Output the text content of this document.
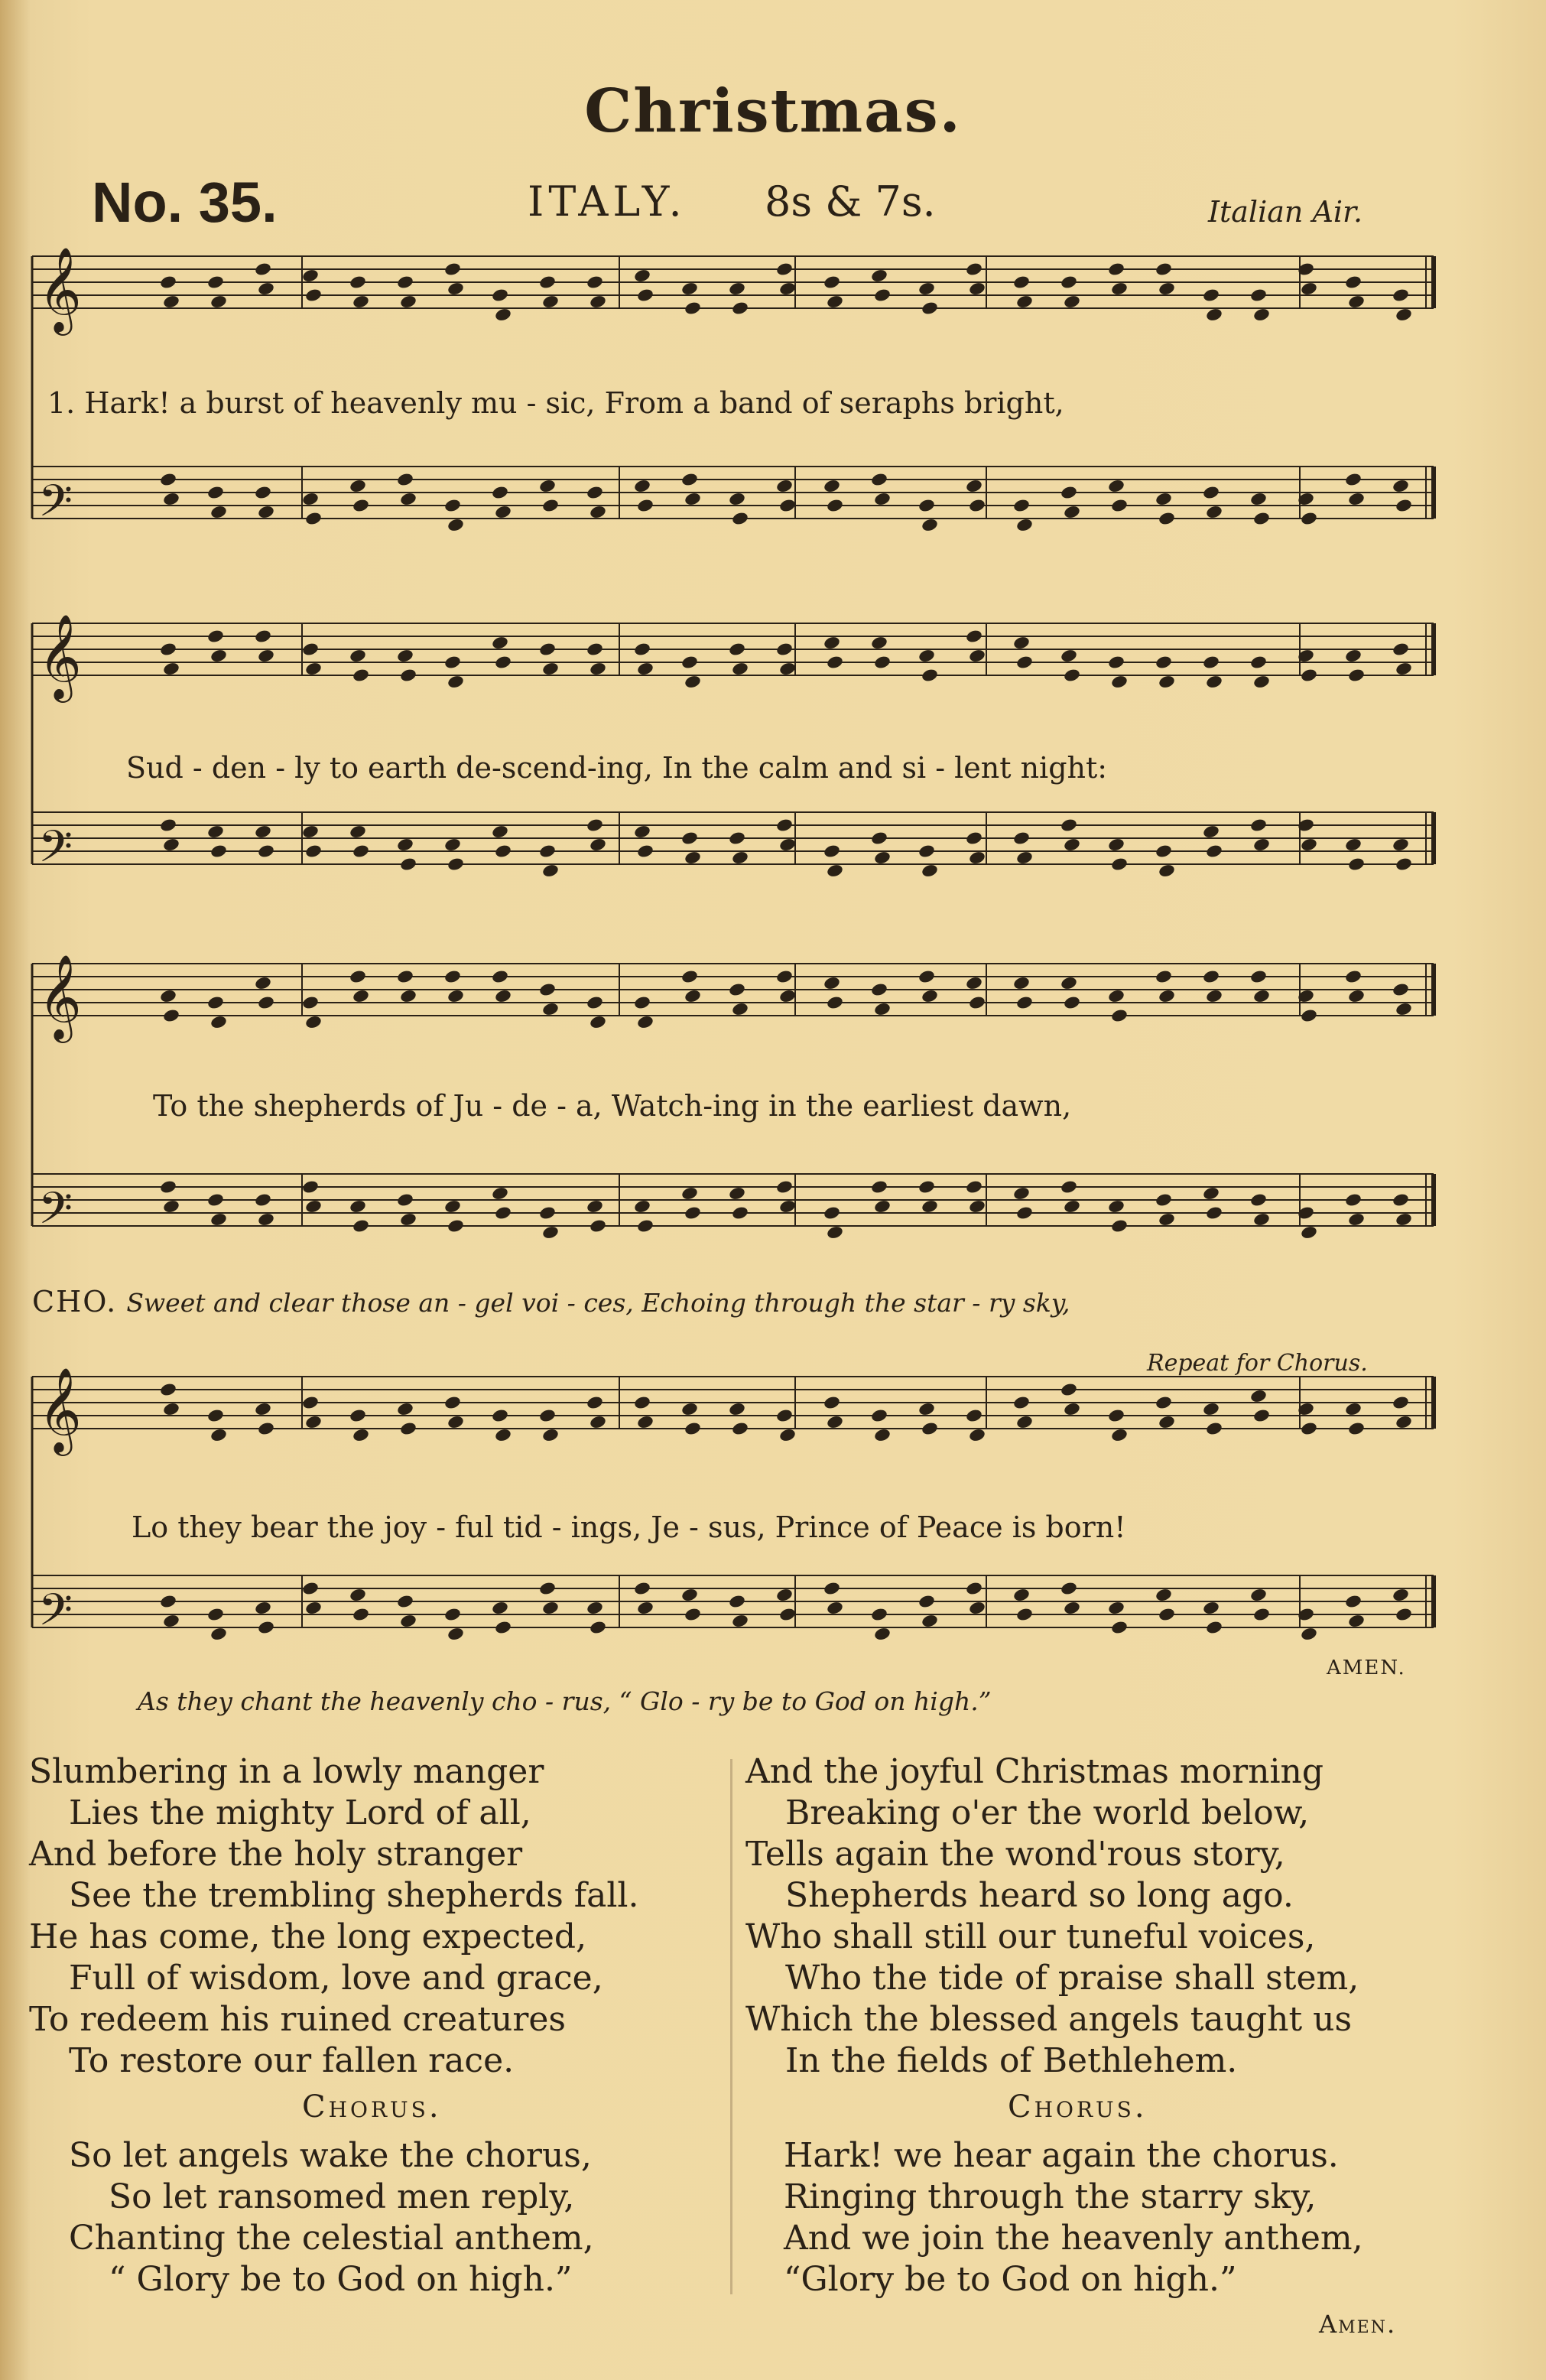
Christmas.
No. 35.	ITALY. 8s & 7s.	Italian Air.
𝄞
𝄢
𝄞
𝄢
𝄞
𝄢
𝄞
𝄢
1. Hark! a burst of heavenly mu - sic, From a band of seraphs bright,
Sud - den - ly to earth de-scend-ing, In the calm and si - lent night:
To the shepherds of Ju - de - a, Watch-ing in the earliest dawn,
CHO. Sweet and clear those an - gel voi - ces, Echoing through the star - ry sky,
Repeat for Chorus.
Lo they bear the joy - ful tid - ings, Je - sus, Prince of Peace is born!
AMEN.
As they chant the heavenly cho - rus, “ Glo - ry be to God on high.”
Slumbering in a lowly manger
Lies the mighty Lord of all,
And before the holy stranger
See the trembling shepherds fall.
He has come, the long expected,
Full of wisdom, love and grace,
To redeem his ruined creatures
To restore our fallen race.
Chorus.
So let angels wake the chorus,
So let ransomed men reply,
Chanting the celestial anthem,
“ Glory be to God on high.”
And the joyful Christmas morning
Breaking o'er the world below,
Tells again the wond'rous story,
Shepherds heard so long ago.
Who shall still our tuneful voices,
Who the tide of praise shall stem,
Which the blessed angels taught us
In the fields of Bethlehem.
Chorus.
Hark! we hear again the chorus.
Ringing through the starry sky,
And we join the heavenly anthem,
“Glory be to God on high.”
Amen.
